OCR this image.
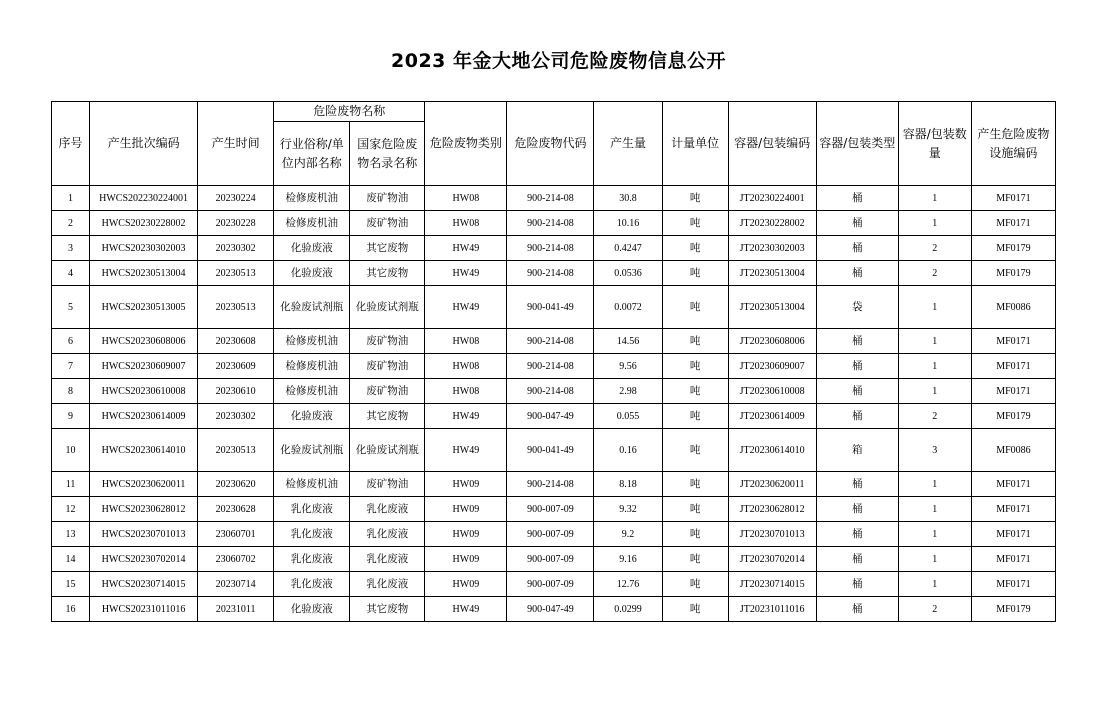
2023 年金大地公司危险废物信息公开
序号	产生批次编码	产生时间	危险废物名称		危险废物类别	危险废物代码	产生量	计量单位	容器/包装编码	容器/包装类型	容器/包装数量	产生危险废物设施编码
			行业俗称/单位内部名称	国家危险废物名录名称								
1	HWCS202230224001	20230224	检修废机油	废矿物油	HW08	900-214-08	30.8	吨	JT20230224001	桶	1	MF0171
2	HWCS20230228002	20230228	检修废机油	废矿物油	HW08	900-214-08	10.16	吨	JT20230228002	桶	1	MF0171
3	HWCS20230302003	20230302	化验废液	其它废物	HW49	900-214-08	0.4247	吨	JT20230302003	桶	2	MF0179
4	HWCS20230513004	20230513	化验废液	其它废物	HW49	900-214-08	0.0536	吨	JT20230513004	桶	2	MF0179
5	HWCS20230513005	20230513	化验废试剂瓶	化验废试剂瓶	HW49	900-041-49	0.0072	吨	JT20230513004	袋	1	MF0086
6	HWCS20230608006	20230608	检修废机油	废矿物油	HW08	900-214-08	14.56	吨	JT20230608006	桶	1	MF0171
7	HWCS20230609007	20230609	检修废机油	废矿物油	HW08	900-214-08	9.56	吨	JT20230609007	桶	1	MF0171
8	HWCS20230610008	20230610	检修废机油	废矿物油	HW08	900-214-08	2.98	吨	JT20230610008	桶	1	MF0171
9	HWCS20230614009	20230302	化验废液	其它废物	HW49	900-047-49	0.055	吨	JT20230614009	桶	2	MF0179
10	HWCS20230614010	20230513	化验废试剂瓶	化验废试剂瓶	HW49	900-041-49	0.16	吨	JT20230614010	箱	3	MF0086
11	HWCS20230620011	20230620	检修废机油	废矿物油	HW09	900-214-08	8.18	吨	JT20230620011	桶	1	MF0171
12	HWCS20230628012	20230628	乳化废液	乳化废液	HW09	900-007-09	9.32	吨	JT20230628012	桶	1	MF0171
13	HWCS20230701013	23060701	乳化废液	乳化废液	HW09	900-007-09	9.2	吨	JT20230701013	桶	1	MF0171
14	HWCS20230702014	23060702	乳化废液	乳化废液	HW09	900-007-09	9.16	吨	JT20230702014	桶	1	MF0171
15	HWCS20230714015	20230714	乳化废液	乳化废液	HW09	900-007-09	12.76	吨	JT20230714015	桶	1	MF0171
16	HWCS20231011016	20231011	化验废液	其它废物	HW49	900-047-49	0.0299	吨	JT20231011016	桶	2	MF0179
